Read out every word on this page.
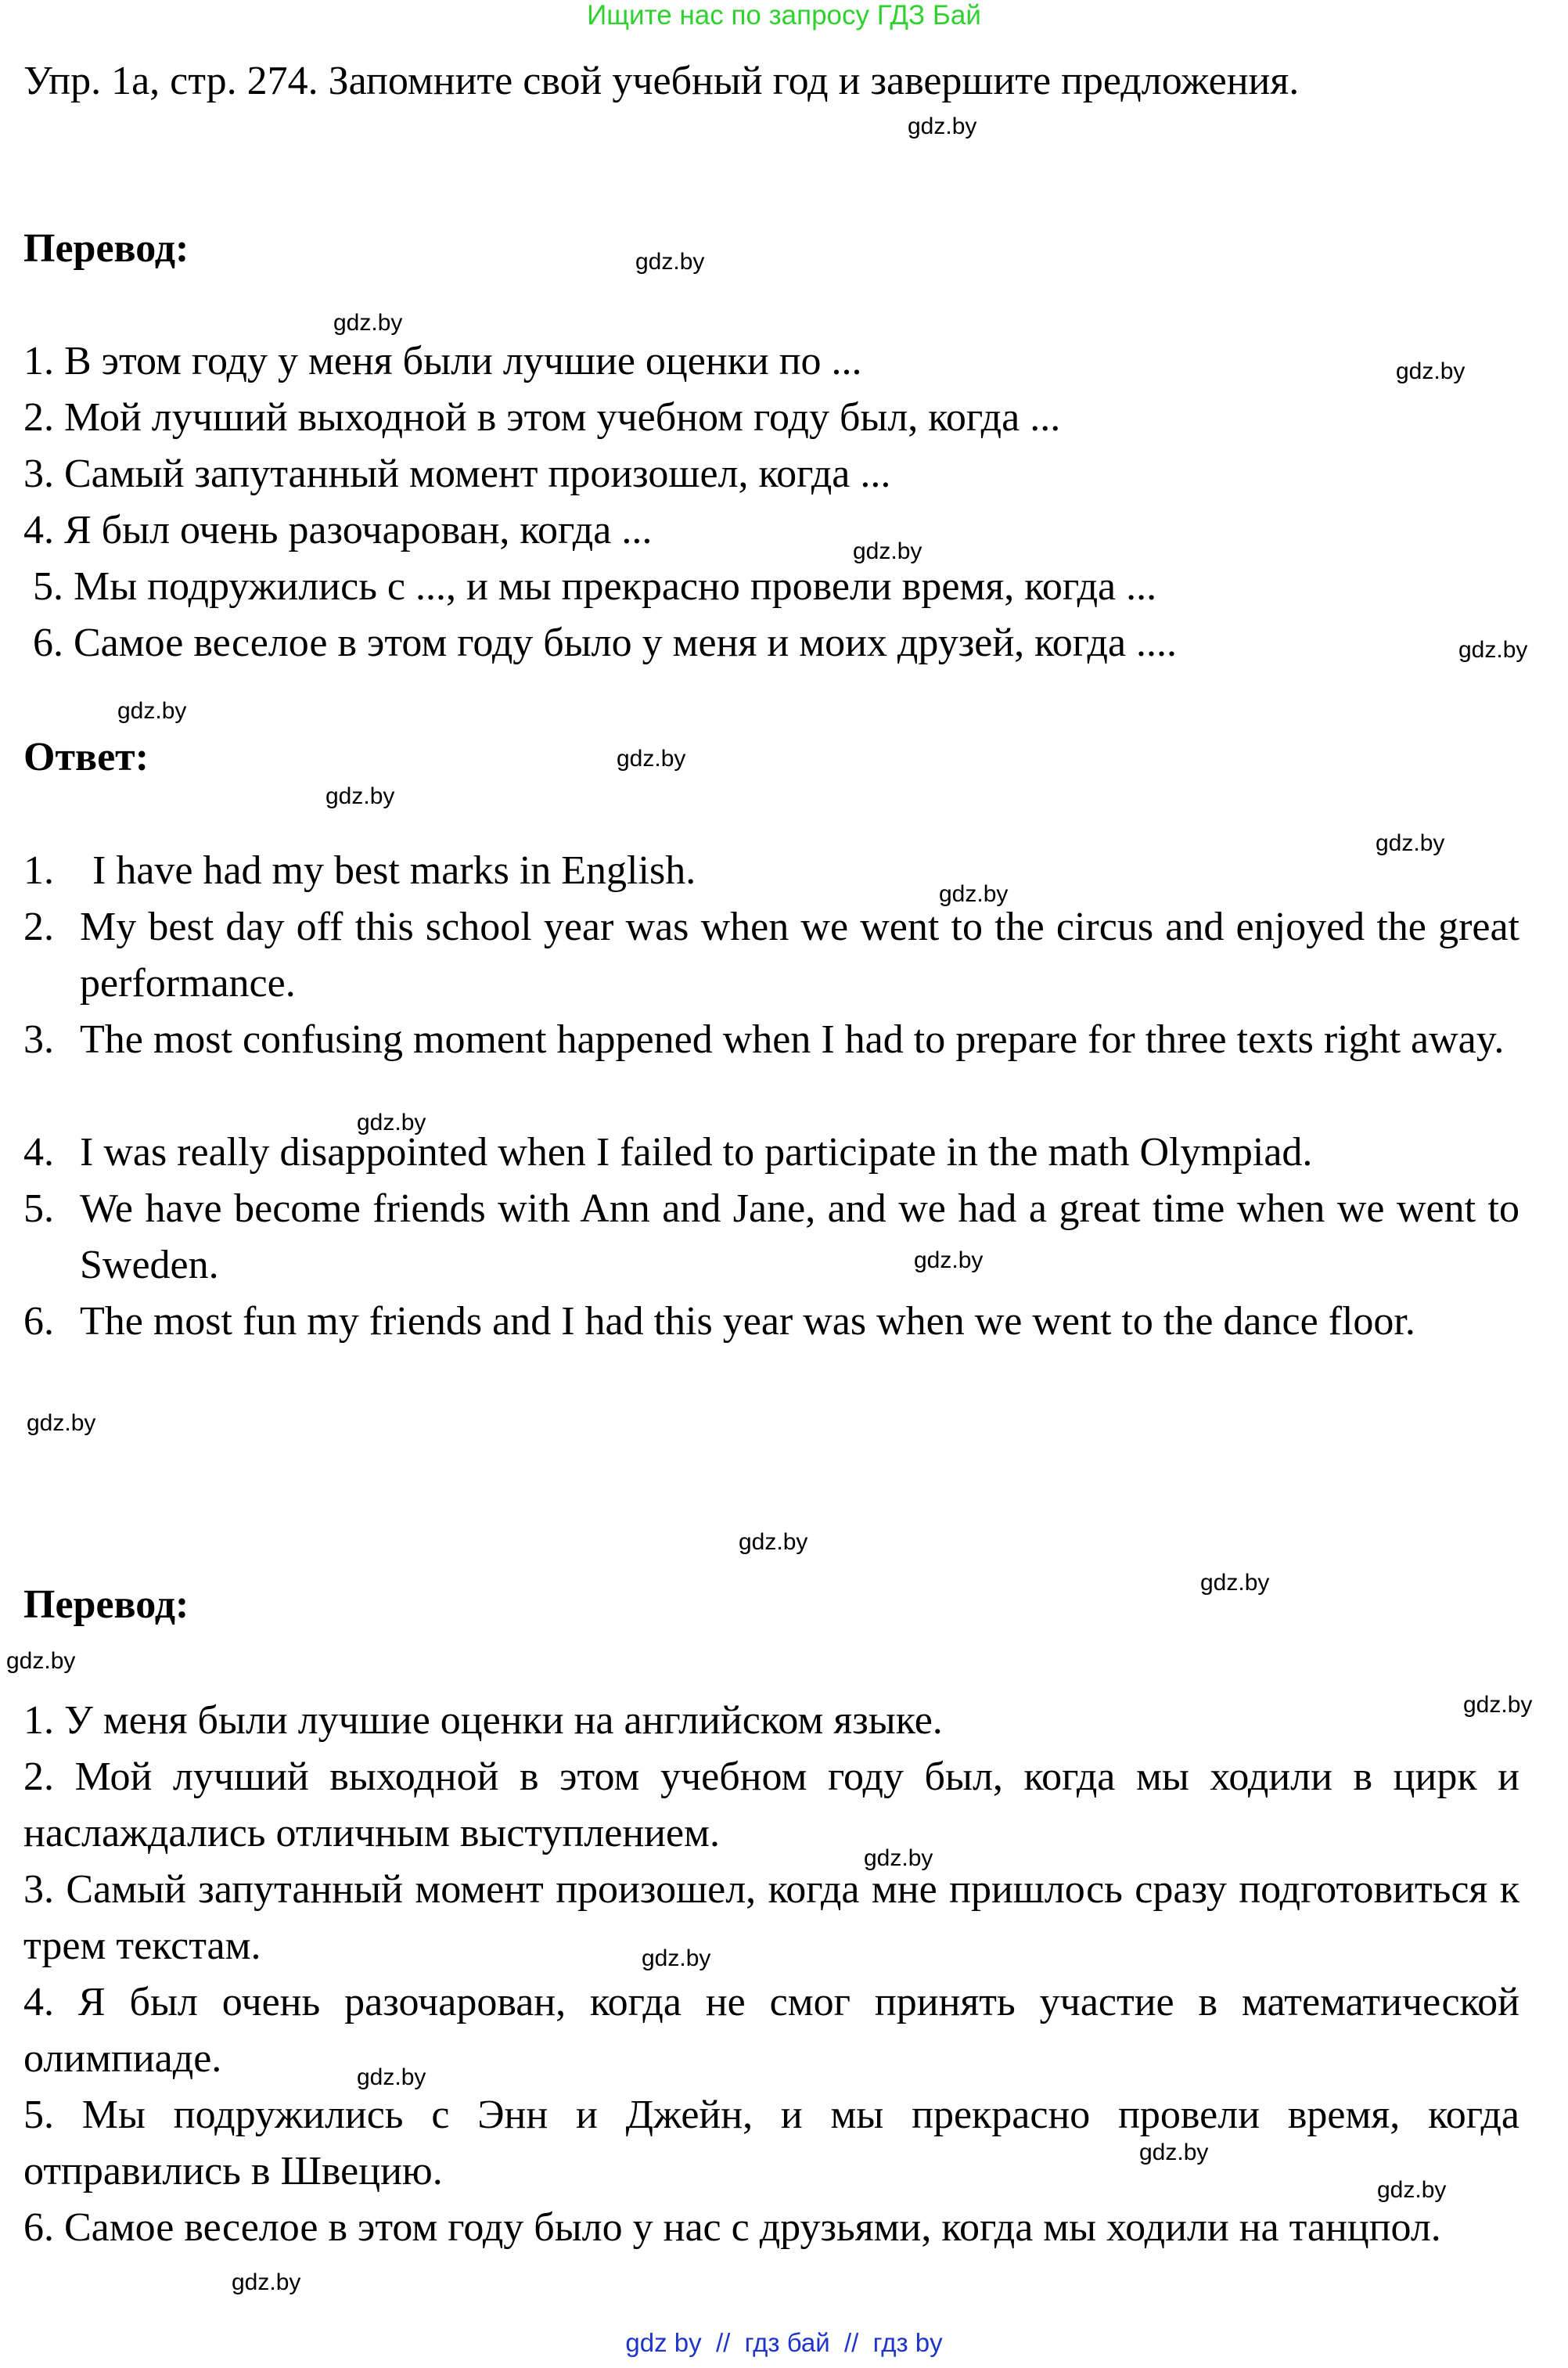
Ищите нас по запросу ГДЗ Бай
Упр. 1a, стр. 274. Запомните свой учебный год и завершите предложения.
Перевод:
1. В этом году у меня были лучшие оценки по ...
2. Мой лучший выходной в этом учебном году был, когда ...
3. Самый запутанный момент произошел, когда ...
4. Я был очень разочарован, когда ...
5. Мы подружились с ..., и мы прекрасно провели время, когда ...
6. Самое веселое в этом году было у меня и моих друзей, когда ....
Ответ:
1. I have had my best marks in English.
2. My best day off this school year was when we went to the circus and enjoyed the great performance.
3. The most confusing moment happened when I had to prepare for three texts right away.
4. I was really disappointed when I failed to participate in the math Olympiad.
5. We have become friends with Ann and Jane, and we had a great time when we went to Sweden.
6. The most fun my friends and I had this year was when we went to the dance floor.
Перевод:
1. У меня были лучшие оценки на английском языке.
2. Мой лучший выходной в этом учебном году был, когда мы ходили в цирк и наслаждались отличным выступлением.
3. Самый запутанный момент произошел, когда мне пришлось сразу подготовиться к трем текстам.
4. Я был очень разочарован, когда не смог принять участие в математической олимпиаде.
5. Мы подружились с Энн и Джейн, и мы прекрасно провели время, когда отправились в Швецию.
6. Самое веселое в этом году было у нас с друзьями, когда мы ходили на танцпол.
gdz.by
gdz.by
gdz.by
gdz.by
gdz.by
gdz.by
gdz.by
gdz.by
gdz.by
gdz.by
gdz.by
gdz.by
gdz.by
gdz.by
gdz.by
gdz.by
gdz.by
gdz.by
gdz.by
gdz.by
gdz.by
gdz.by
gdz.by
gdz.by
gdz by  //  гдз бай  //  гдз by
